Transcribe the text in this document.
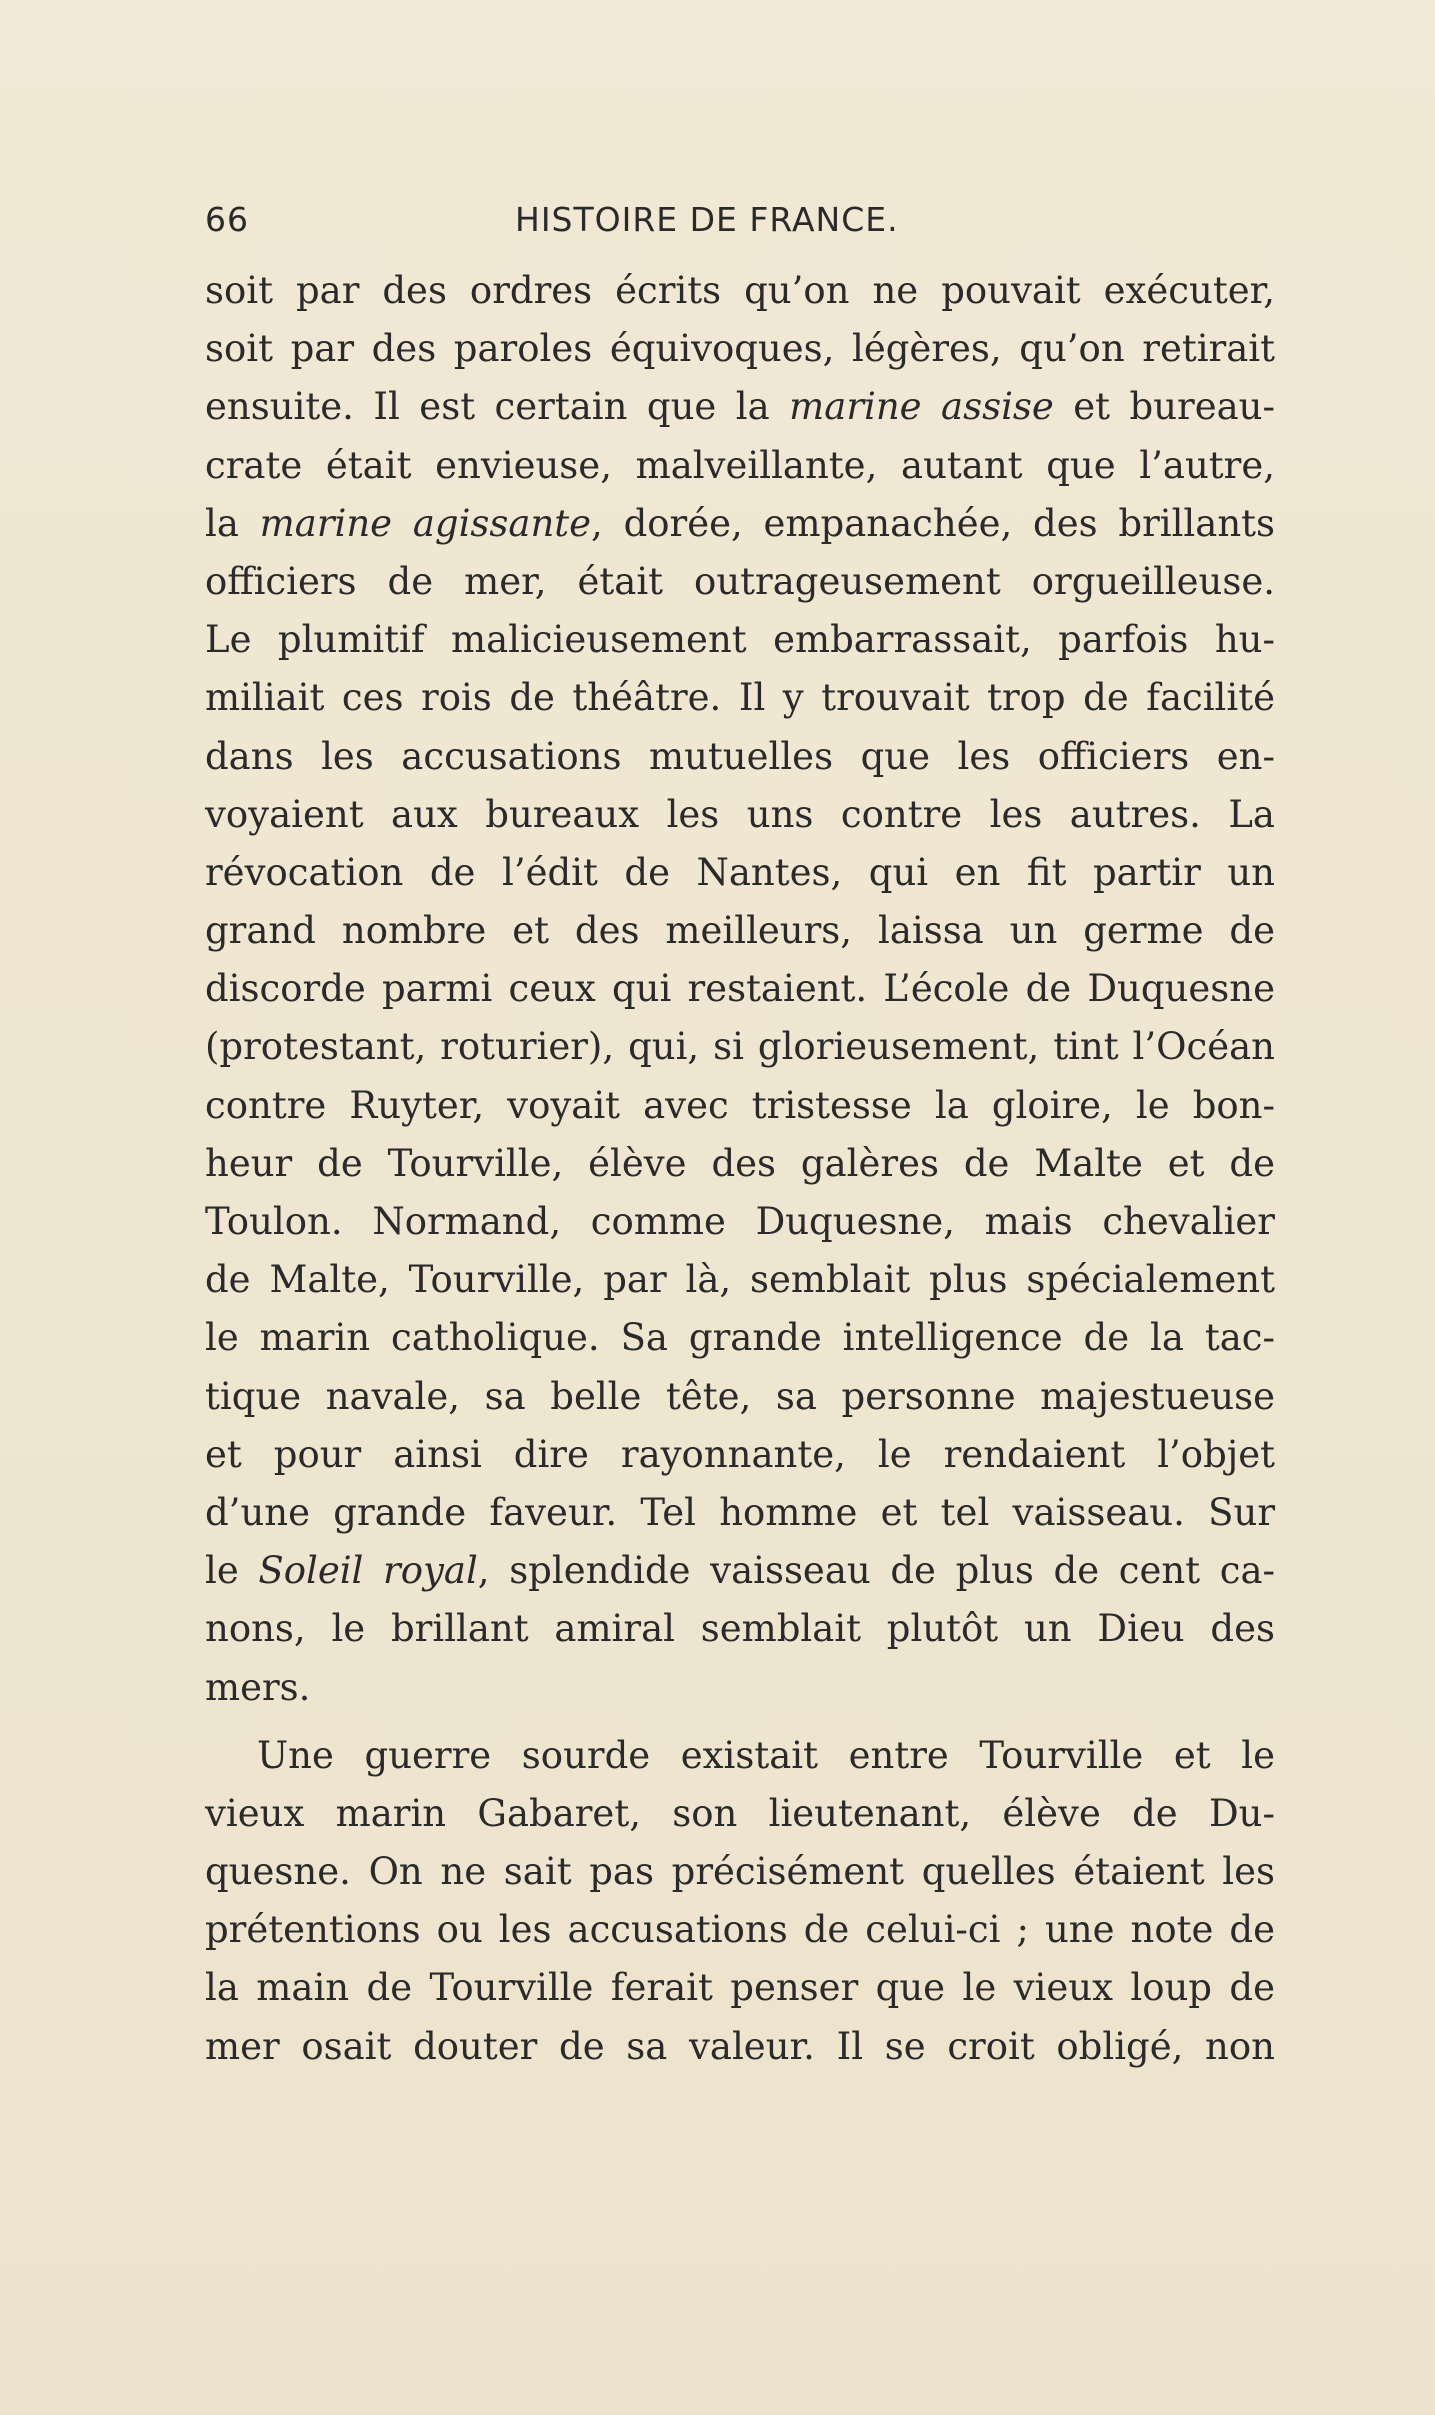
66	HISTOIRE DE FRANCE.
soit par des ordres écrits qu’on ne pouvait exécuter,
soit par des paroles équivoques, légères, qu’on retirait
ensuite. Il est certain que la marine assise et bureau-
crate était envieuse, malveillante, autant que l’autre,
la marine agissante, dorée, empanachée, des brillants
officiers de mer, était outrageusement orgueilleuse.
Le plumitif malicieusement embarrassait, parfois hu-
miliait ces rois de théâtre. Il y trouvait trop de facilité
dans les accusations mutuelles que les officiers en-
voyaient aux bureaux les uns contre les autres. La
révocation de l’édit de Nantes, qui en fit partir un
grand nombre et des meilleurs, laissa un germe de
discorde parmi ceux qui restaient. L’école de Duquesne
(protestant, roturier), qui, si glorieusement, tint l’Océan
contre Ruyter, voyait avec tristesse la gloire, le bon-
heur de Tourville, élève des galères de Malte et de
Toulon. Normand, comme Duquesne, mais chevalier
de Malte, Tourville, par là, semblait plus spécialement
le marin catholique. Sa grande intelligence de la tac-
tique navale, sa belle tête, sa personne majestueuse
et pour ainsi dire rayonnante, le rendaient l’objet
d’une grande faveur. Tel homme et tel vaisseau. Sur
le Soleil royal, splendide vaisseau de plus de cent ca-
nons, le brillant amiral semblait plutôt un Dieu des
mers.
Une guerre sourde existait entre Tourville et le
vieux marin Gabaret, son lieutenant, élève de Du-
quesne. On ne sait pas précisément quelles étaient les
prétentions ou les accusations de celui-ci ; une note de
la main de Tourville ferait penser que le vieux loup de
mer osait douter de sa valeur. Il se croit obligé, non
